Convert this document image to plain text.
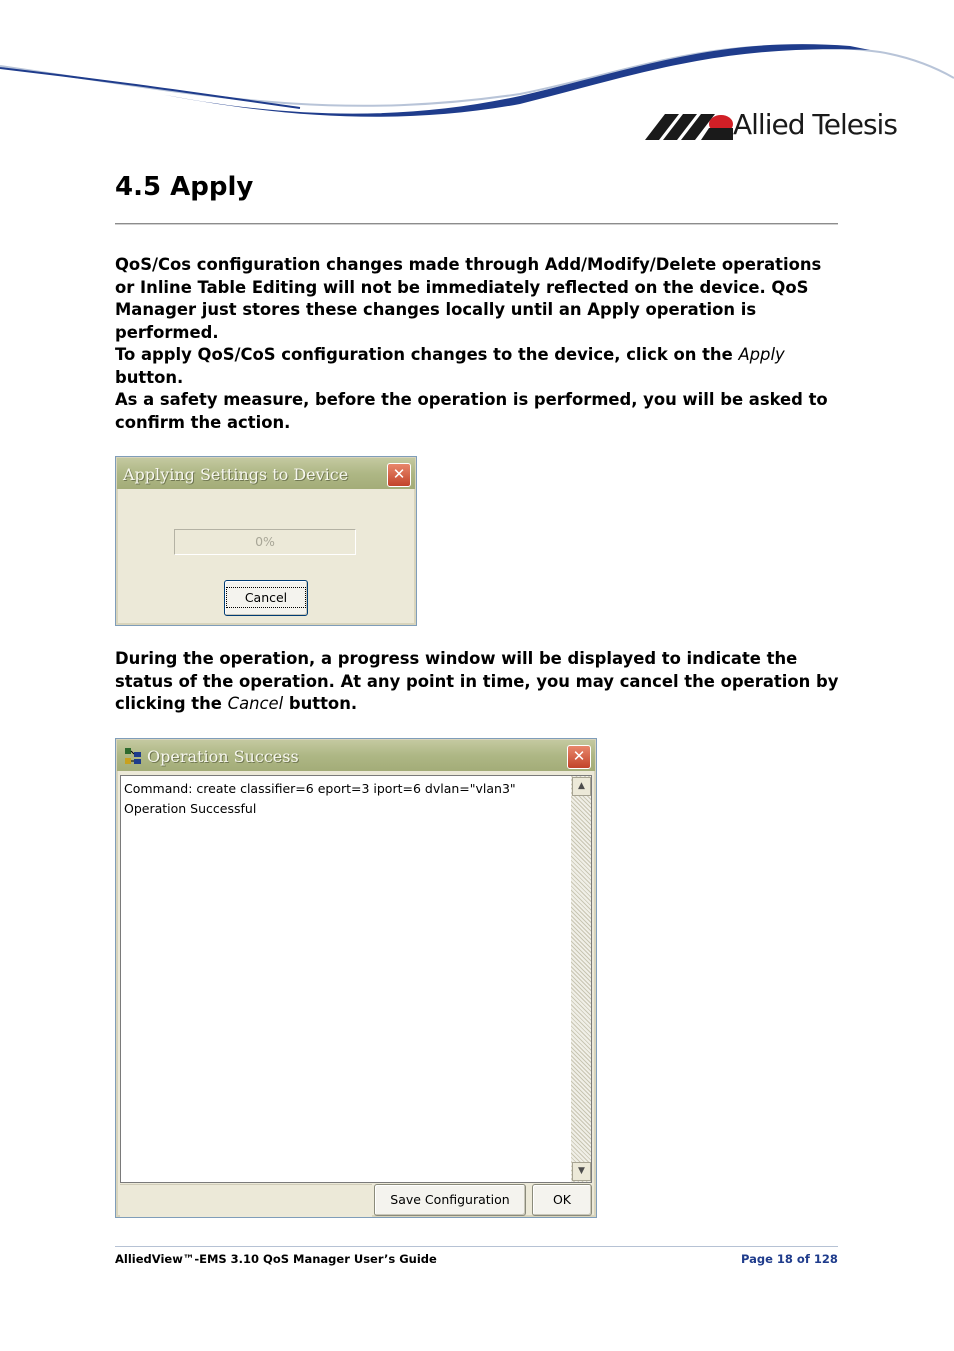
Allied Telesis
4.5 Apply

QoS/Cos configuration changes made through Add/Modify/Delete operations or Inline Table Editing will not be immediately reflected on the device. QoS Manager just stores these changes locally until an Apply operation is performed.

To apply QoS/CoS configuration changes to the device, click on the Apply button.

As a safety measure, before the operation is performed, you will be asked to confirm the action.

Applying Settings to Device	✕
0%
Cancel

During the operation, a progress window will be displayed to indicate the status of the operation. At any point in time, you may cancel the operation by clicking the Cancel button.

Operation Success	✕
Command: create classifier=6 eport=3 iport=6 dvlan="vlan3"
Operation Successful
▲
▼
Save Configuration	OK
AlliedView™-EMS 3.10 QoS Manager User’s Guide	Page 18 of 128
